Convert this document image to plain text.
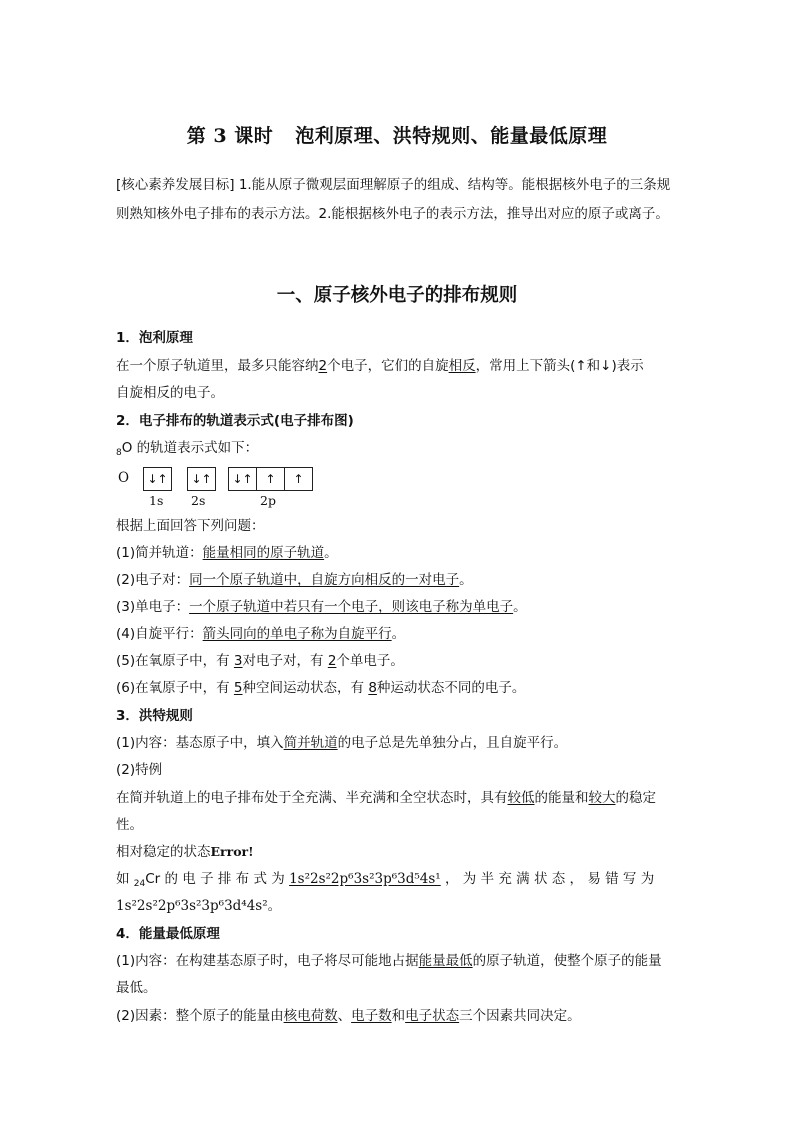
第 3 课时 泡利原理、洪特规则、能量最低原理
[核心素养发展目标] 1.能从原子微观层面理解原子的组成、结构等。能根据核外电子的三条规则熟知核外电子排布的表示方法。2.能根据核外电子的表示方法，推导出对应的原子或离子。
一、原子核外电子的排布规则
1．泡利原理
在一个原子轨道里，最多只能容纳2个电子，它们的自旋相反，常用上下箭头(↑和↓)表示
自旋相反的电子。
2．电子排布的轨道表示式(电子排布图)
$_8$O 的轨道表示式如下：
O ↓↑ ↓↑ ↓↑	↑	↑
1s 2s	2p
根据上面回答下列问题：
(1)简并轨道：能量相同的原子轨道。
(2)电子对：同一个原子轨道中，自旋方向相反的一对电子。
(3)单电子：一个原子轨道中若只有一个电子，则该电子称为单电子。
(4)自旋平行：箭头同向的单电子称为自旋平行。
(5)在氧原子中，有 3对电子对，有 2个单电子。
(6)在氧原子中，有 5种空间运动状态，有 8种运动状态不同的电子。
3．洪特规则
(1)内容：基态原子中，填入简并轨道的电子总是先单独分占，且自旋平行。
(2)特例
在简并轨道上的电子排布处于全充满、半充满和全空状态时，具有较低的能量和较大的稳定
性。
相对稳定的状态Error!
如 $_{24}$Cr 的 电 子 排 布 式 为 1s²2s²2p⁶3s²3p⁶3d⁵4s¹ ， 为 半 充 满 状 态 ， 易 错 写 为
1s²2s²2p⁶3s²3p⁶3d⁴4s²。
4．能量最低原理
(1)内容：在构建基态原子时，电子将尽可能地占据能量最低的原子轨道，使整个原子的能量
最低。
(2)因素：整个原子的能量由核电荷数、电子数和电子状态三个因素共同决定。
